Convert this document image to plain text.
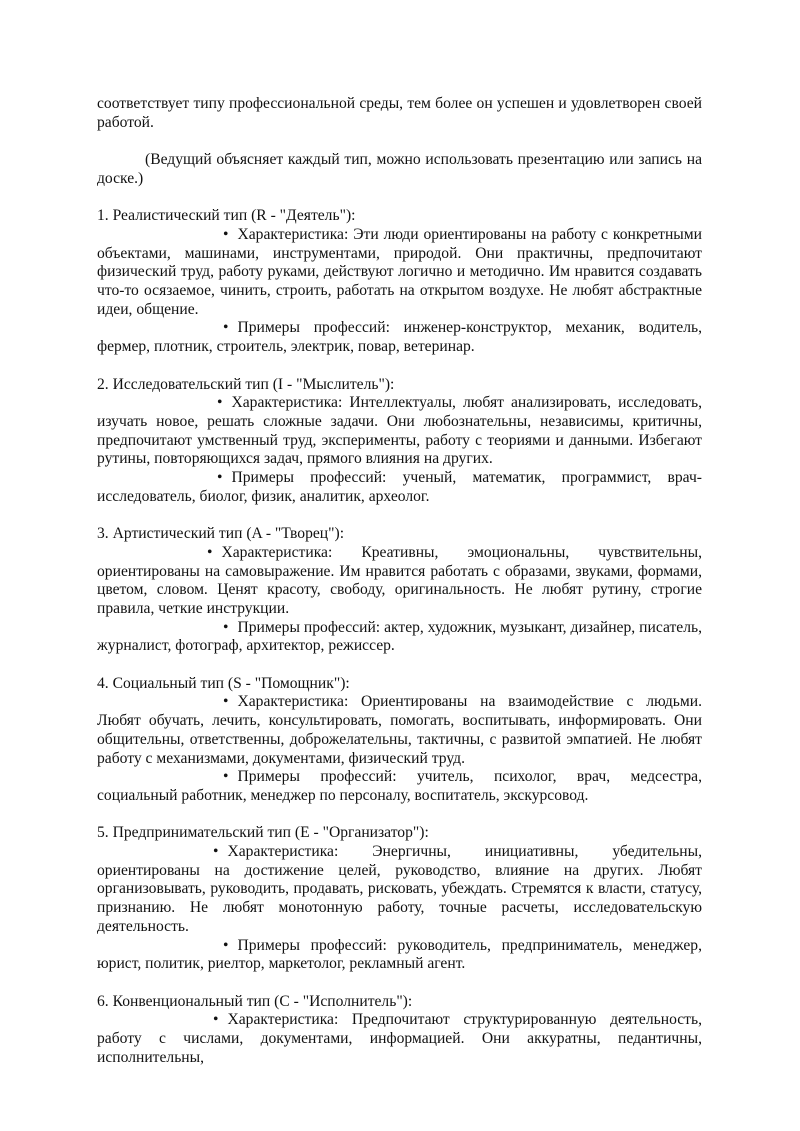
соответствует типу профессиональной среды, тем более он успешен и удовлетворен своей работой.

(Ведущий объясняет каждый тип, можно использовать презентацию или запись на доске.)

1. Реалистический тип (R - "Деятель"):

• Характеристика: Эти люди ориентированы на работу с конкретными объектами, машинами, инструментами, природой. Они практичны, предпочитают физический труд, работу руками, действуют логично и методично. Им нравится создавать что-то осязаемое, чинить, строить, работать на открытом воздухе. Не любят абстрактные идеи, общение.

• Примеры профессий: инженер-конструктор, механик, водитель, фермер, плотник, строитель, электрик, повар, ветеринар.

2. Исследовательский тип (I - "Мыслитель"):

• Характеристика: Интеллектуалы, любят анализировать, исследовать, изучать новое, решать сложные задачи. Они любознательны, независимы, критичны, предпочитают умственный труд, эксперименты, работу с теориями и данными. Избегают рутины, повторяющихся задач, прямого влияния на других.

• Примеры профессий: ученый, математик, программист, врач-исследователь, биолог, физик, аналитик, археолог.

3. Артистический тип (A - "Творец"):

• Характеристика: Креативны, эмоциональны, чувствительны, ориентированы на самовыражение. Им нравится работать с образами, звуками, формами, цветом, словом. Ценят красоту, свободу, оригинальность. Не любят рутину, строгие правила, четкие инструкции.

• Примеры профессий: актер, художник, музыкант, дизайнер, писатель, журналист, фотограф, архитектор, режиссер.

4. Социальный тип (S - "Помощник"):

• Характеристика: Ориентированы на взаимодействие с людьми. Любят обучать, лечить, консультировать, помогать, воспитывать, информировать. Они общительны, ответственны, доброжелательны, тактичны, с развитой эмпатией. Не любят работу с механизмами, документами, физический труд.

• Примеры профессий: учитель, психолог, врач, медсестра, социальный работник, менеджер по персоналу, воспитатель, экскурсовод.

5. Предпринимательский тип (E - "Организатор"):

• Характеристика: Энергичны, инициативны, убедительны, ориентированы на достижение целей, руководство, влияние на других. Любят организовывать, руководить, продавать, рисковать, убеждать. Стремятся к власти, статусу, признанию. Не любят монотонную работу, точные расчеты, исследовательскую деятельность.

• Примеры профессий: руководитель, предприниматель, менеджер, юрист, политик, риелтор, маркетолог, рекламный агент.

6. Конвенциональный тип (C - "Исполнитель"):

• Характеристика: Предпочитают структурированную деятельность, работу с числами, документами, информацией. Они аккуратны, педантичны, исполнительны,
